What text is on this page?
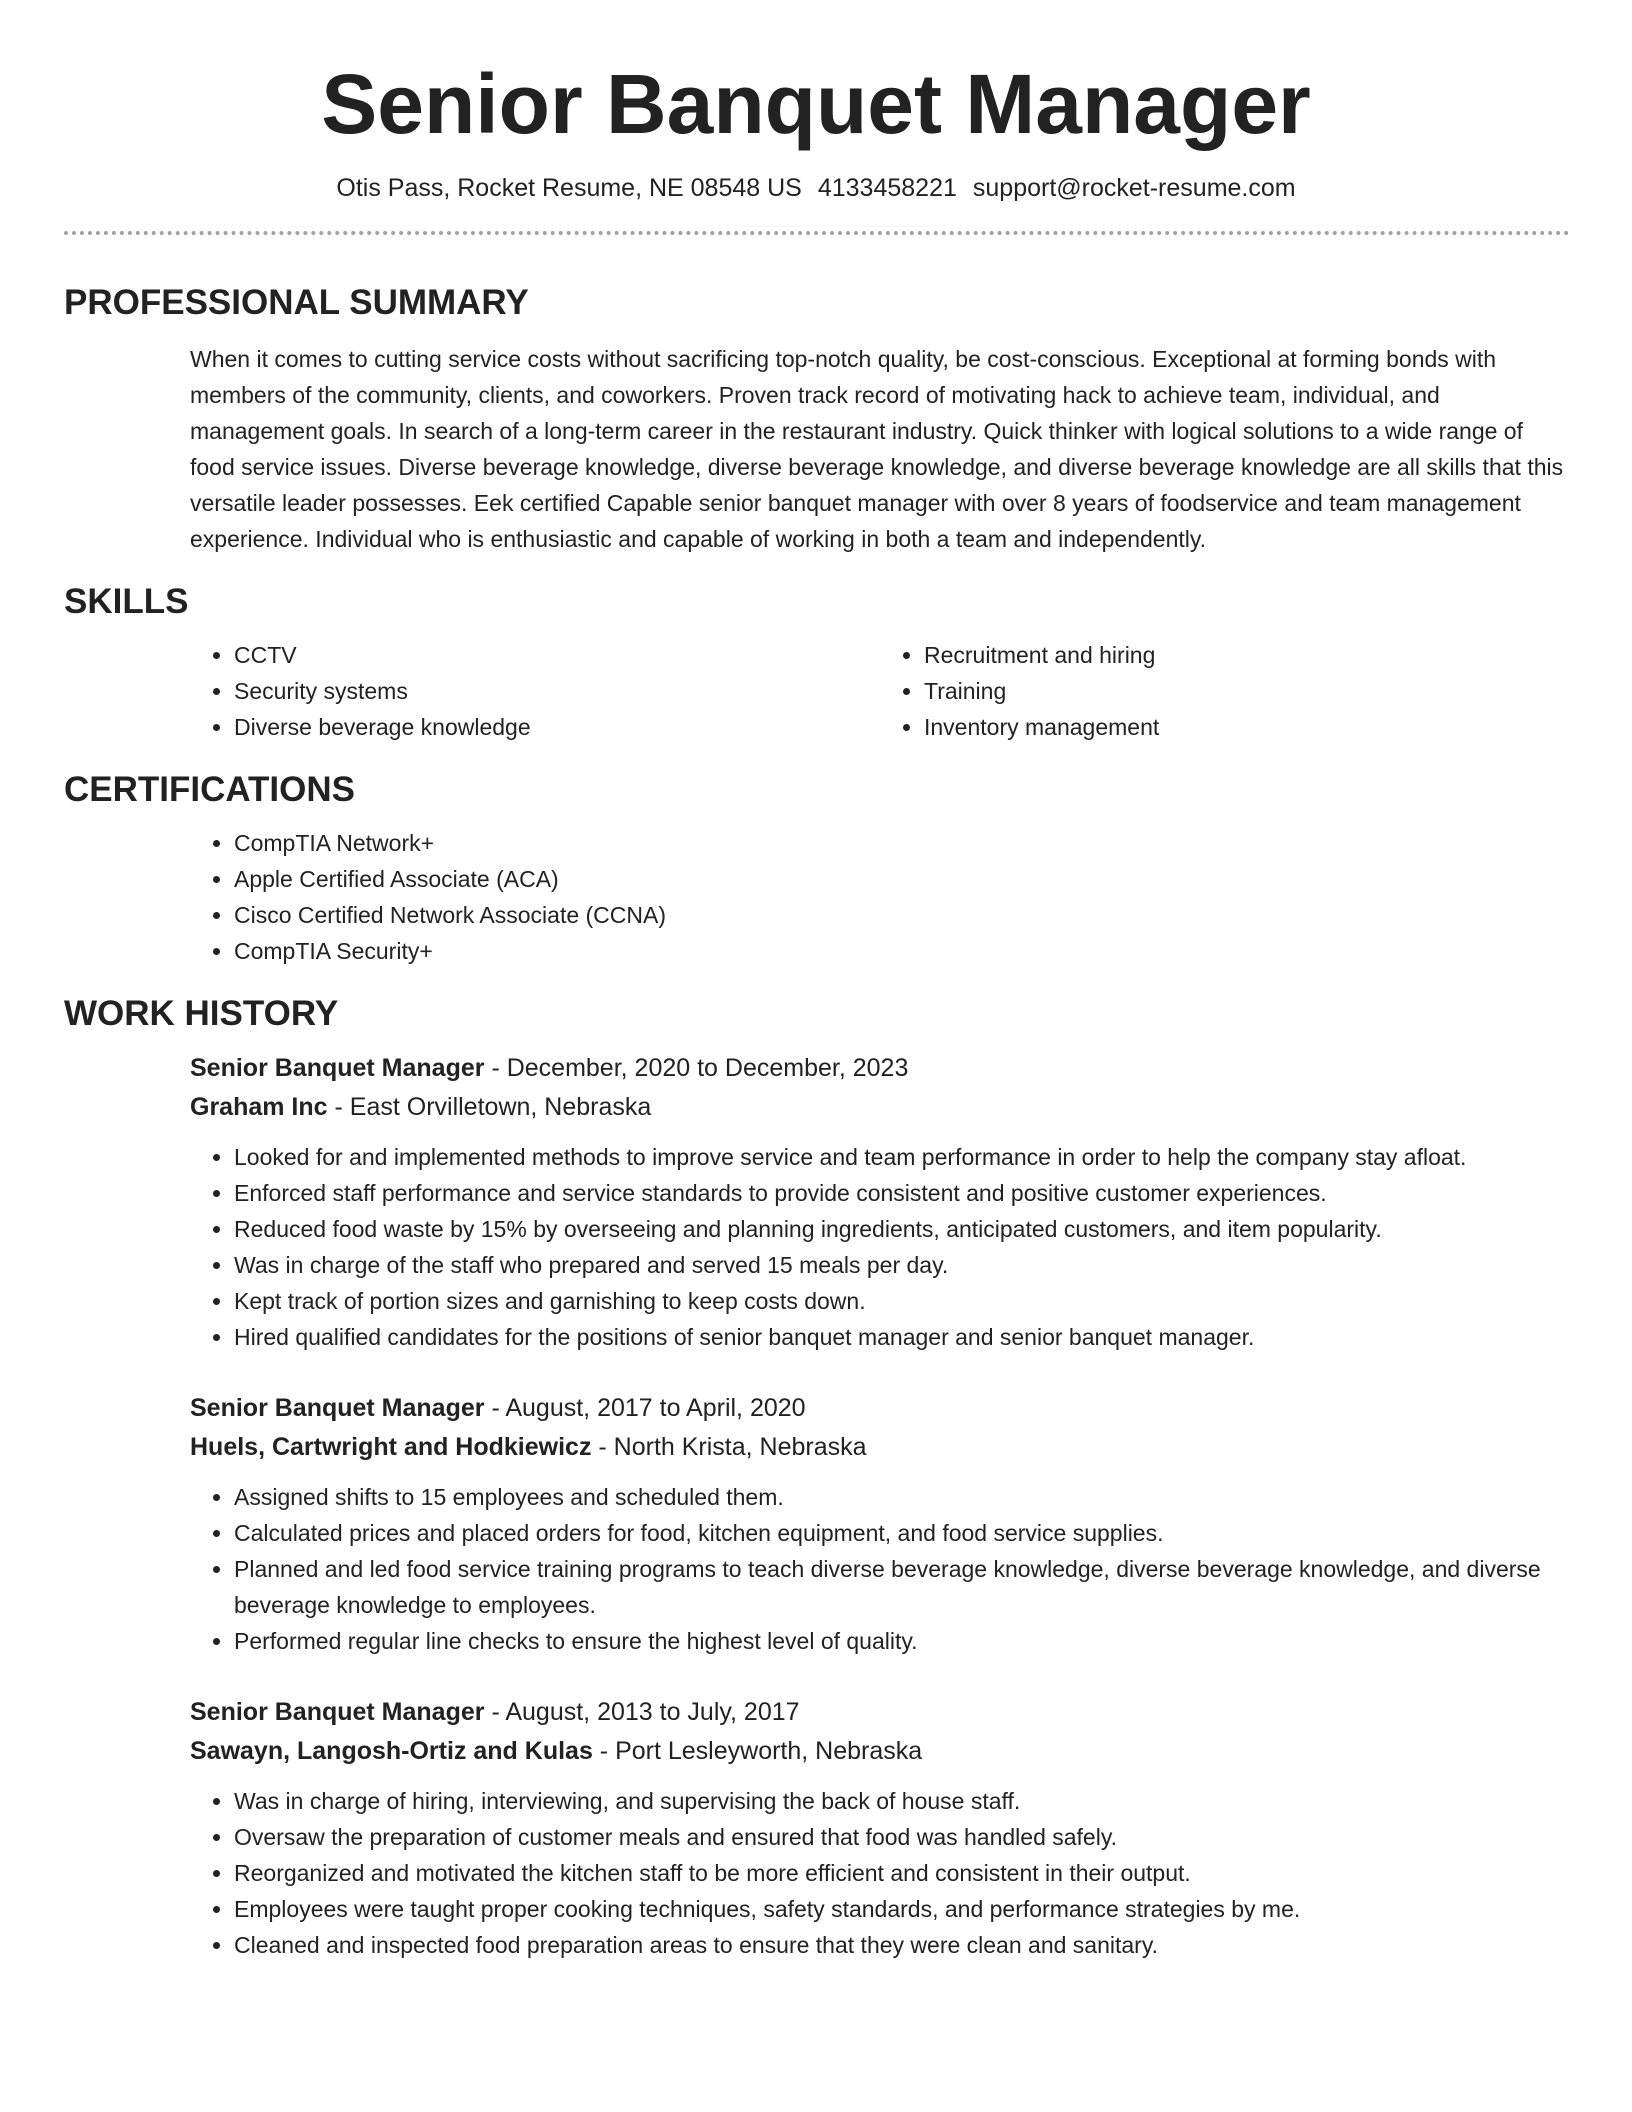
Senior Banquet Manager
Otis Pass, Rocket Resume, NE 08548 US 4133458221 support@rocket-resume.com
PROFESSIONAL SUMMARY

When it comes to cutting service costs without sacrificing top-notch quality, be cost-conscious. Exceptional at forming bonds with members of the community, clients, and coworkers. Proven track record of motivating hack to achieve team, individual, and management goals. In search of a long-term career in the restaurant industry. Quick thinker with logical solutions to a wide range of food service issues. Diverse beverage knowledge, diverse beverage knowledge, and diverse beverage knowledge are all skills that this versatile leader possesses. Eek certified Capable senior banquet manager with over 8 years of foodservice and team management experience. Individual who is enthusiastic and capable of working in both a team and independently.

SKILLS
• CCTV
• Security systems
• Diverse beverage knowledge
• Recruitment and hiring
• Training
• Inventory management
CERTIFICATIONS
• CompTIA Network+
• Apple Certified Associate (ACA)
• Cisco Certified Network Associate (CCNA)
• CompTIA Security+
WORK HISTORY
Senior Banquet Manager - December, 2020 to December, 2023
Graham Inc - East Orvilletown, Nebraska
• Looked for and implemented methods to improve service and team performance in order to help the company stay afloat.
• Enforced staff performance and service standards to provide consistent and positive customer experiences.
• Reduced food waste by 15% by overseeing and planning ingredients, anticipated customers, and item popularity.
• Was in charge of the staff who prepared and served 15 meals per day.
• Kept track of portion sizes and garnishing to keep costs down.
• Hired qualified candidates for the positions of senior banquet manager and senior banquet manager.
Senior Banquet Manager - August, 2017 to April, 2020
Huels, Cartwright and Hodkiewicz - North Krista, Nebraska
• Assigned shifts to 15 employees and scheduled them.
• Calculated prices and placed orders for food, kitchen equipment, and food service supplies.
• Planned and led food service training programs to teach diverse beverage knowledge, diverse beverage knowledge, and diverse beverage knowledge to employees.
• Performed regular line checks to ensure the highest level of quality.
Senior Banquet Manager - August, 2013 to July, 2017
Sawayn, Langosh-Ortiz and Kulas - Port Lesleyworth, Nebraska
• Was in charge of hiring, interviewing, and supervising the back of house staff.
• Oversaw the preparation of customer meals and ensured that food was handled safely.
• Reorganized and motivated the kitchen staff to be more efficient and consistent in their output.
• Employees were taught proper cooking techniques, safety standards, and performance strategies by me.
• Cleaned and inspected food preparation areas to ensure that they were clean and sanitary.
